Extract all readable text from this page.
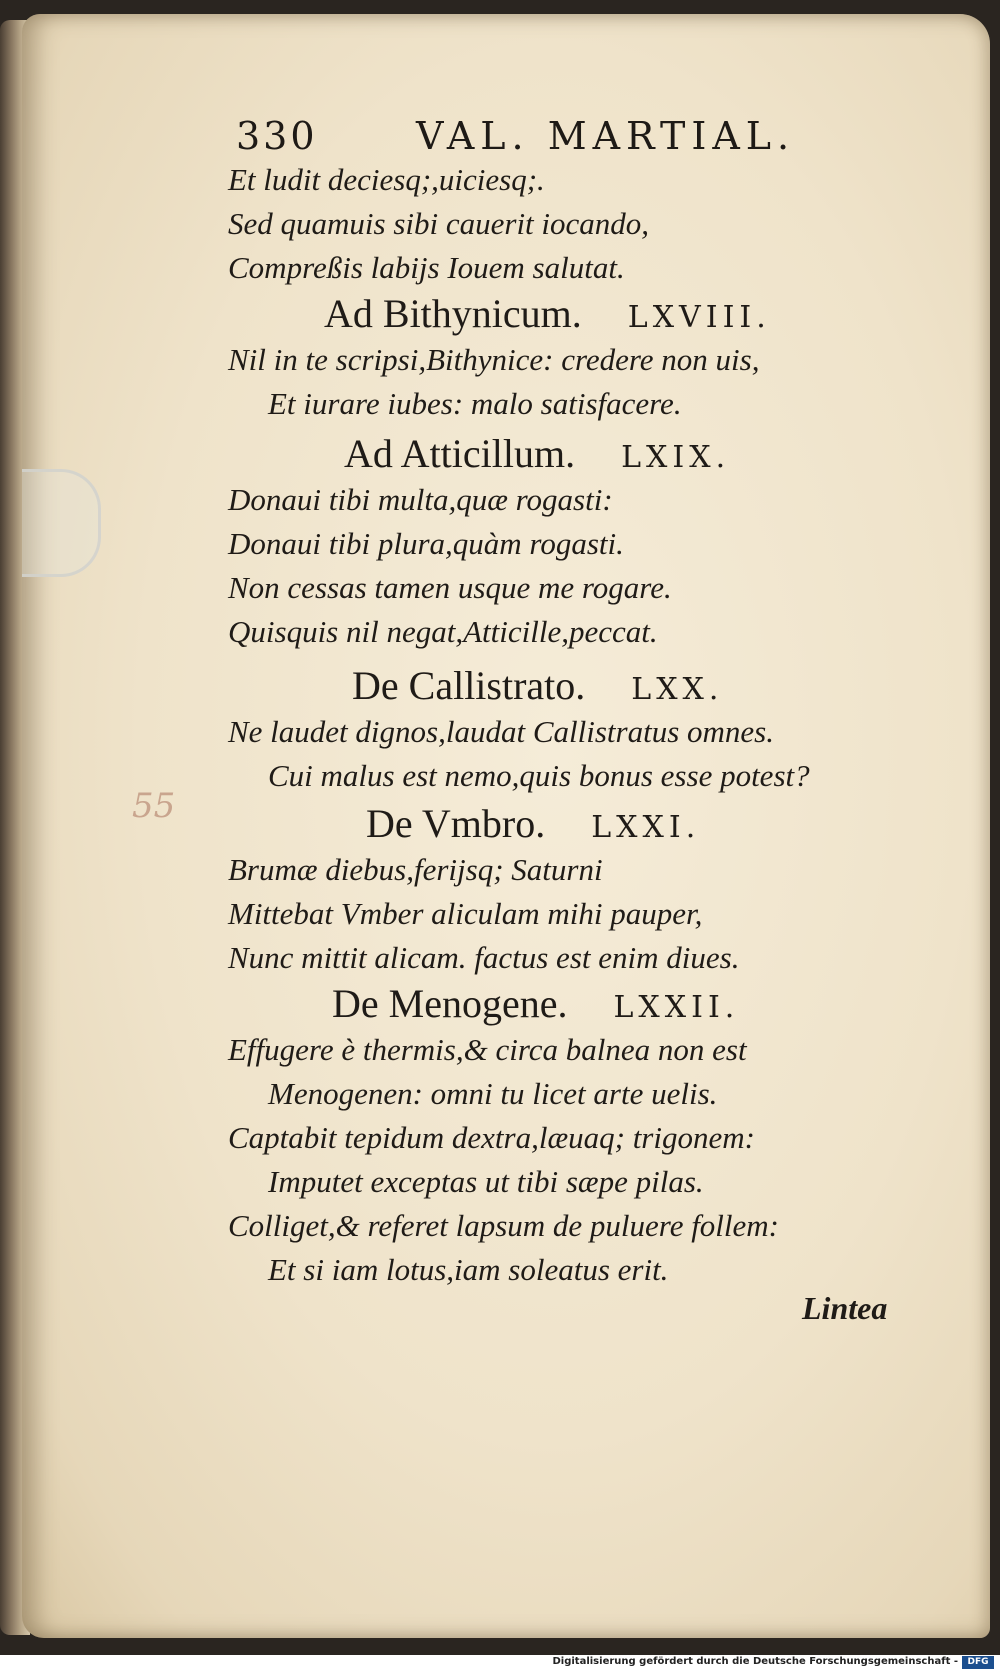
55
330	VAL. MARTIAL.
Et ludit deciesq;,uiciesq;.
Sed quamuis sibi cauerit iocando,
Compreßis labijs Iouem salutat.
Ad Bithynicum. LXVIII.
Nil in te scripsi,Bithynice: credere non uis,
Et iurare iubes: malo satisfacere.
Ad Atticillum. LXIX.
Donaui tibi multa,quæ rogasti:
Donaui tibi plura,quàm rogasti.
Non cessas tamen usque me rogare.
Quisquis nil negat,Atticille,peccat.
De Callistrato. LXX.
Ne laudet dignos,laudat Callistratus omnes.
Cui malus est nemo,quis bonus esse potest?
De Vmbro. LXXI.
Brumæ diebus,ferijsq; Saturni
Mittebat Vmber aliculam mihi pauper,
Nunc mittit alicam. factus est enim diues.
De Menogene. LXXII.
Effugere è thermis,& circa balnea non est
Menogenen: omni tu licet arte uelis.
Captabit tepidum dextra,læuaq; trigonem:
Imputet exceptas ut tibi sæpe pilas.
Colliget,& referet lapsum de puluere follem:
Et si iam lotus,iam soleatus erit.
Lintea
Digitalisierung gefördert durch die Deutsche Forschungsgemeinschaft -	DFG
